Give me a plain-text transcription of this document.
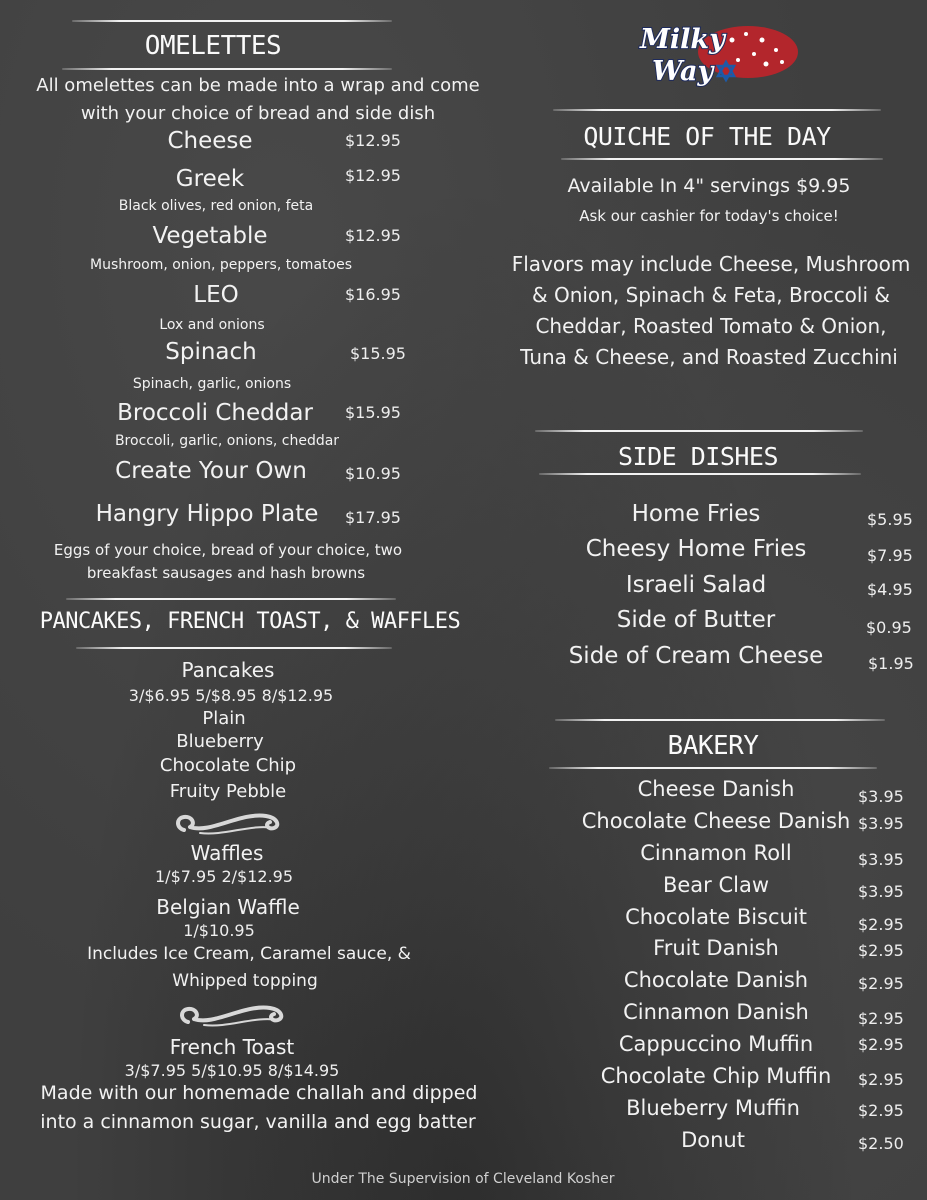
OMELETTES
All omelettes can be made into a wrap and come
with your choice of bread and side dish
Cheese	$12.95
Greek	$12.95
Black olives, red onion, feta
Vegetable	$12.95
Mushroom, onion, peppers, tomatoes
LEO	$16.95
Lox and onions
Spinach	$15.95
Spinach, garlic, onions
Broccoli Cheddar $15.95
Broccoli, garlic, onions, cheddar
Create Your Own $10.95
Hangry Hippo Plate $17.95
Eggs of your choice, bread of your choice, two
breakfast sausages and hash browns
PANCAKES, FRENCH TOAST, & WAFFLES
Pancakes
3/$6.95 5/$8.95 8/$12.95
Plain
Blueberry
Chocolate Chip
Fruity Pebble
Waffles
1/$7.95 2/$12.95
Belgian Waffle
1/$10.95
Includes Ice Cream, Caramel sauce, &
Whipped topping
French Toast
3/$7.95 5/$10.95 8/$14.95
Made with our homemade challah and dipped
into a cinnamon sugar, vanilla and egg batter
Milky
Way
QUICHE OF THE DAY
Available In 4" servings $9.95
Ask our cashier for today's choice!
Flavors may include Cheese, Mushroom
& Onion, Spinach & Feta, Broccoli &
Cheddar, Roasted Tomato & Onion,
Tuna & Cheese, and Roasted Zucchini
SIDE DISHES
Home Fries	$5.95
Cheesy Home Fries	$7.95
Israeli Salad	$4.95
Side of Butter	$0.95
Side of Cream Cheese	$1.95
BAKERY
Cheese Danish	$3.95
Chocolate Cheese Danish $3.95
Cinnamon Roll	$3.95
Bear Claw	$3.95
Chocolate Biscuit	$2.95
Fruit Danish	$2.95
Chocolate Danish	$2.95
Cinnamon Danish	$2.95
Cappuccino Muffin	$2.95
Chocolate Chip Muffin $2.95
Blueberry Muffin	$2.95
Donut	$2.50
Under The Supervision of Cleveland Kosher
